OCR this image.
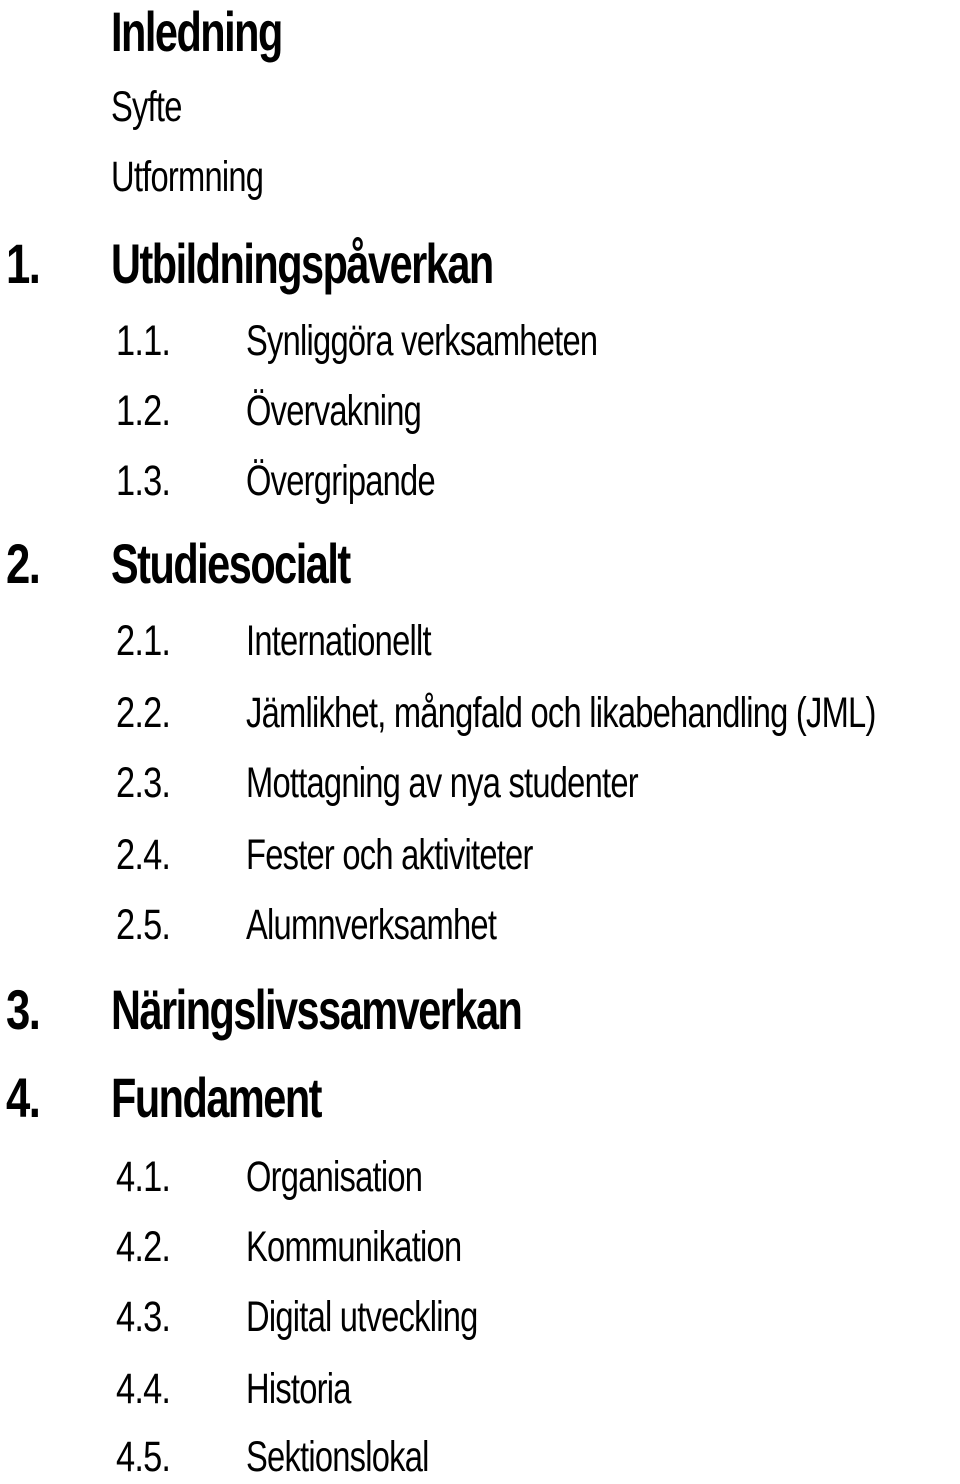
Inledning
Syfte
Utformning
1. Utbildningspåverkan
1.1. Synliggöra verksamheten
1.2. Övervakning
1.3. Övergripande
2. Studiesocialt
2.1. Internationellt
2.2. Jämlikhet, mångfald och likabehandling (JML)
2.3. Mottagning av nya studenter
2.4. Fester och aktiviteter
2.5. Alumnverksamhet
3. Näringslivssamverkan
4. Fundament
4.1. Organisation
4.2. Kommunikation
4.3. Digital utveckling
4.4. Historia
4.5. Sektionslokal
